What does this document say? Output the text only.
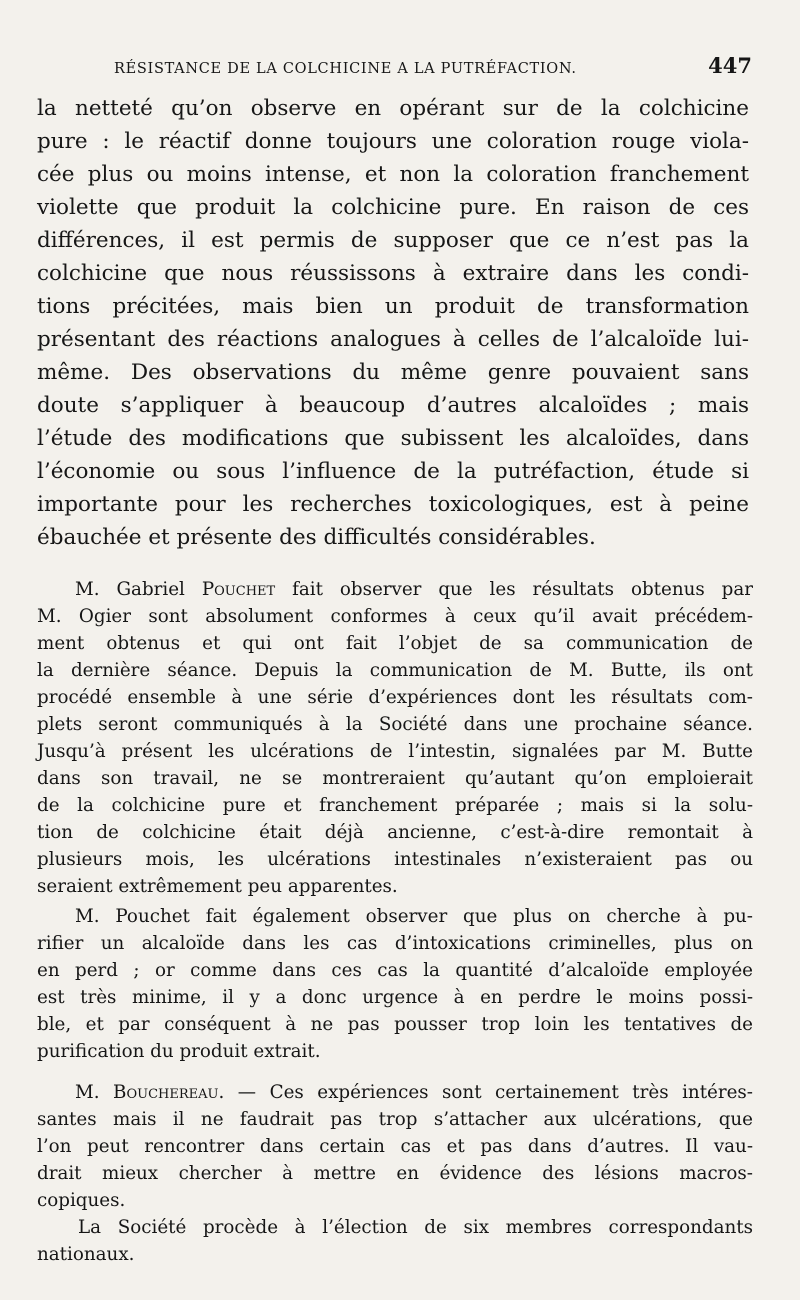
RÉSISTANCE DE LA COLCHICINE A LA PUTRÉFACTION.	447
la netteté qu’on observe en opérant sur de la colchicine
pure : le réactif donne toujours une coloration rouge viola-
cée plus ou moins intense, et non la coloration franchement
violette que produit la colchicine pure. En raison de ces
différences, il est permis de supposer que ce n’est pas la
colchicine que nous réussissons à extraire dans les condi-
tions précitées, mais bien un produit de transformation
présentant des réactions analogues à celles de l’alcaloïde lui-
même. Des observations du même genre pouvaient sans
doute s’appliquer à beaucoup d’autres alcaloïdes ; mais
l’étude des modifications que subissent les alcaloïdes, dans
l’économie ou sous l’influence de la putréfaction, étude si
importante pour les recherches toxicologiques, est à peine
ébauchée et présente des difficultés considérables.
M. Gabriel Pouchet fait observer que les résultats obtenus par
M. Ogier sont absolument conformes à ceux qu’il avait précédem-
ment obtenus et qui ont fait l’objet de sa communication de
la dernière séance. Depuis la communication de M. Butte, ils ont
procédé ensemble à une série d’expériences dont les résultats com-
plets seront communiqués à la Société dans une prochaine séance.
Jusqu’à présent les ulcérations de l’intestin, signalées par M. Butte
dans son travail, ne se montreraient qu’autant qu’on emploierait
de la colchicine pure et franchement préparée ; mais si la solu-
tion de colchicine était déjà ancienne, c’est-à-dire remontait à
plusieurs mois, les ulcérations intestinales n’existeraient pas ou
seraient extrêmement peu apparentes.
M. Pouchet fait également observer que plus on cherche à pu-
rifier un alcaloïde dans les cas d’intoxications criminelles, plus on
en perd ; or comme dans ces cas la quantité d’alcaloïde employée
est très minime, il y a donc urgence à en perdre le moins possi-
ble, et par conséquent à ne pas pousser trop loin les tentatives de
purification du produit extrait.
M. Bouchereau. — Ces expériences sont certainement très intéres-
santes mais il ne faudrait pas trop s’attacher aux ulcérations, que
l’on peut rencontrer dans certain cas et pas dans d’autres. Il vau-
drait mieux chercher à mettre en évidence des lésions macros-
copiques.
La Société procède à l’élection de six membres correspondants
nationaux.
